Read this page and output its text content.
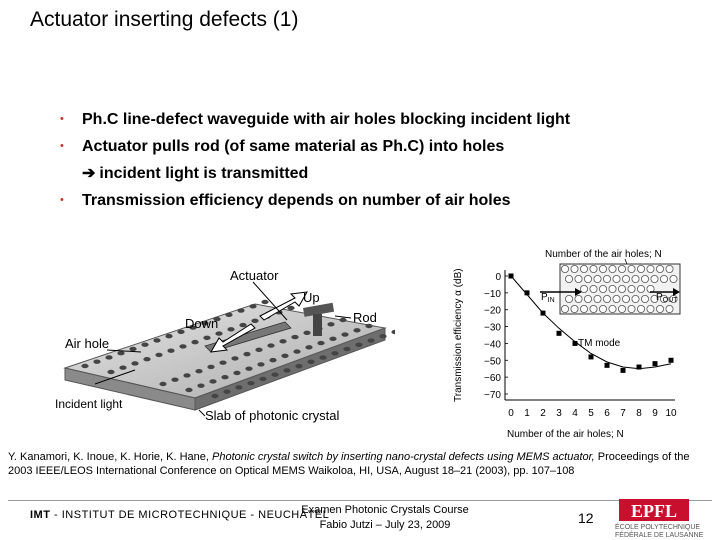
Actuator inserting defects (1)
• Ph.C line-defect waveguide with air holes blocking incident light
• Actuator pulls rod (of same material as Ph.C) into holes
➔ incident light is transmitted
• Transmission efficiency depends on number of air holes
Actuator
Up
Down	Rod
Air hole
Incident light
Slab of photonic crystal
Number of the air holes; N
$P_{IN}$	$P_{OUT}$
TM mode
0
−10
−20
−30
−40
−50
−60
−70
0 1 2 3 4 5 6 7 8 9 10
Transmission efficiency α (dB)
Number of the air holes; N
Y. Kanamori, K. Inoue, K. Horie, K. Hane, Photonic crystal switch by inserting nano-crystal defects using MEMS actuator, Proceedings of the 2003 IEEE/LEOS International Conference on Optical MEMS Waikoloa, HI, USA, August 18–21 (2003), pp. 107–108
IMT - INSTITUT DE MICROTECHNIQUE - NEUCHÂTEL
Examen Photonic Crystals Course
Fabio Jutzi – July 23, 2009	12 EPFL
ÉCOLE POLYTECHNIQUE
FÉDÉRALE DE LAUSANNE
